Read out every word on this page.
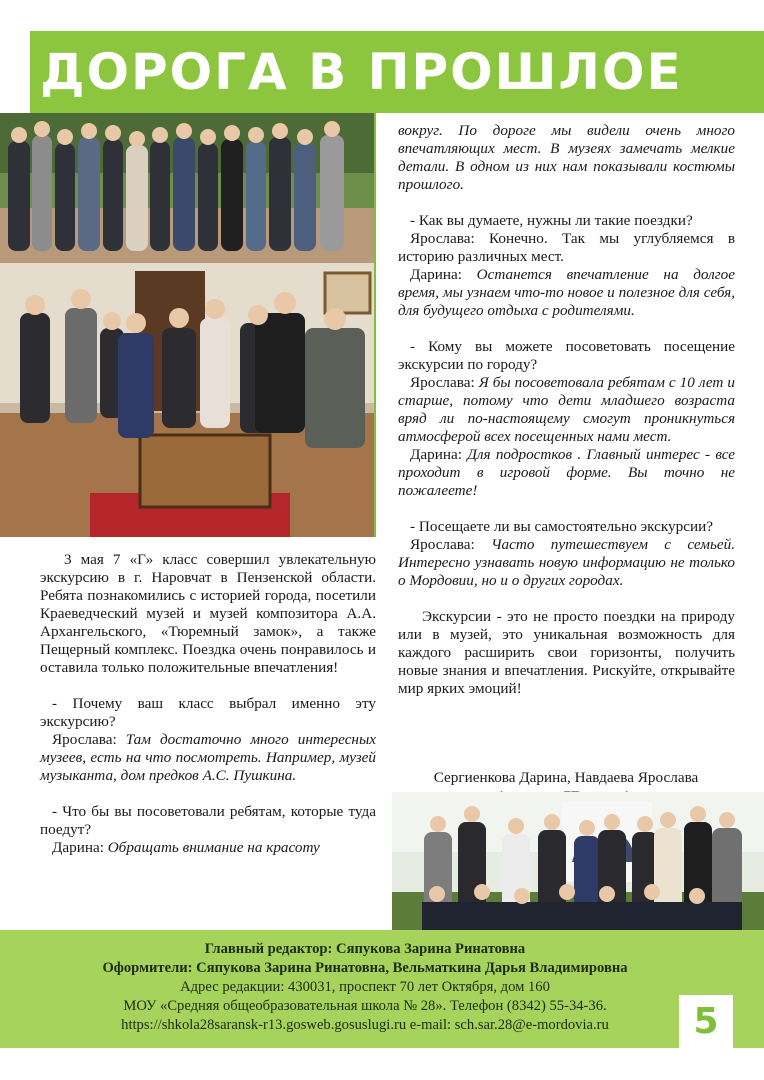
ДОРОГА В ПРОШЛОЕ

вокруг. По дороге мы видели очень много впечатляющих мест. В музеях замечать мелкие детали. В одном из них нам показывали костюмы прошлого.

- Как вы думаете, нужны ли такие поездки?
Ярослава: Конечно. Так мы углубляемся в историю различных мест.
Дарина: Останется впечатление на долгое время, мы узнаем что-то новое и полезное для себя, для будущего отдыха с родителями.

- Кому вы можете посоветовать посещение экскурсии по городу?
Ярослава: Я бы посоветовала ребятам с 10 лет и старше, потому что дети младшего возраста вряд ли по-настоящему смогут проникнуться атмосферой всех посещенных нами мест.
Дарина: Для подростков . Главный интерес - все проходит в игровой форме. Вы точно не пожалеете!

- Посещаете ли вы самостоятельно экскурсии?
Ярослава: Часто путешествуем с семьей. Интересно узнавать новую информацию не только о Мордовии, но и о других городах.

Экскурсии - это не просто поездки на природу или в музей, это уникальная возможность для каждого расширить свои горизонты, получить новые знания и впечатления. Рискуйте, открывайте мир ярких эмоций!

Сергиенкова Дарина, Навдаева Ярослава

3 мая 7 «Г» класс совершил увлекательную экскурсию в г. Наровчат в Пензенской области. Ребята познакомились с историей города, посетили Краеведческий музей и музей композитора А.А. Архангельского, «Тюремный замок», а также Пещерный комплекс. Поездка очень понравилось и оставила только положительные впечатления!

- Почему ваш класс выбрал именно эту экскурсию?
Ярослава: Там достаточно много интересных музеев, есть на что посмотреть. Например, музей музыканта, дом предков А.С. Пушкина.

- Что бы вы посоветовали ребятам, которые туда поедут?
Дарина: Обращать внимание на красоту

Главный редактор: Сяпукова Зарина Ринатовна
Оформители: Сяпукова Зарина Ринатовна, Вельматкина Дарья Владимировна
Адрес редакции: 430031, проспект 70 лет Октября, дом 160
МОУ «Средняя общеобразовательная школа № 28». Телефон (8342) 55-34-36.
https://shkola28saransk-r13.gosweb.gosuslugi.ru e-mail: sch.sar.28@e-mordovia.ru	5
